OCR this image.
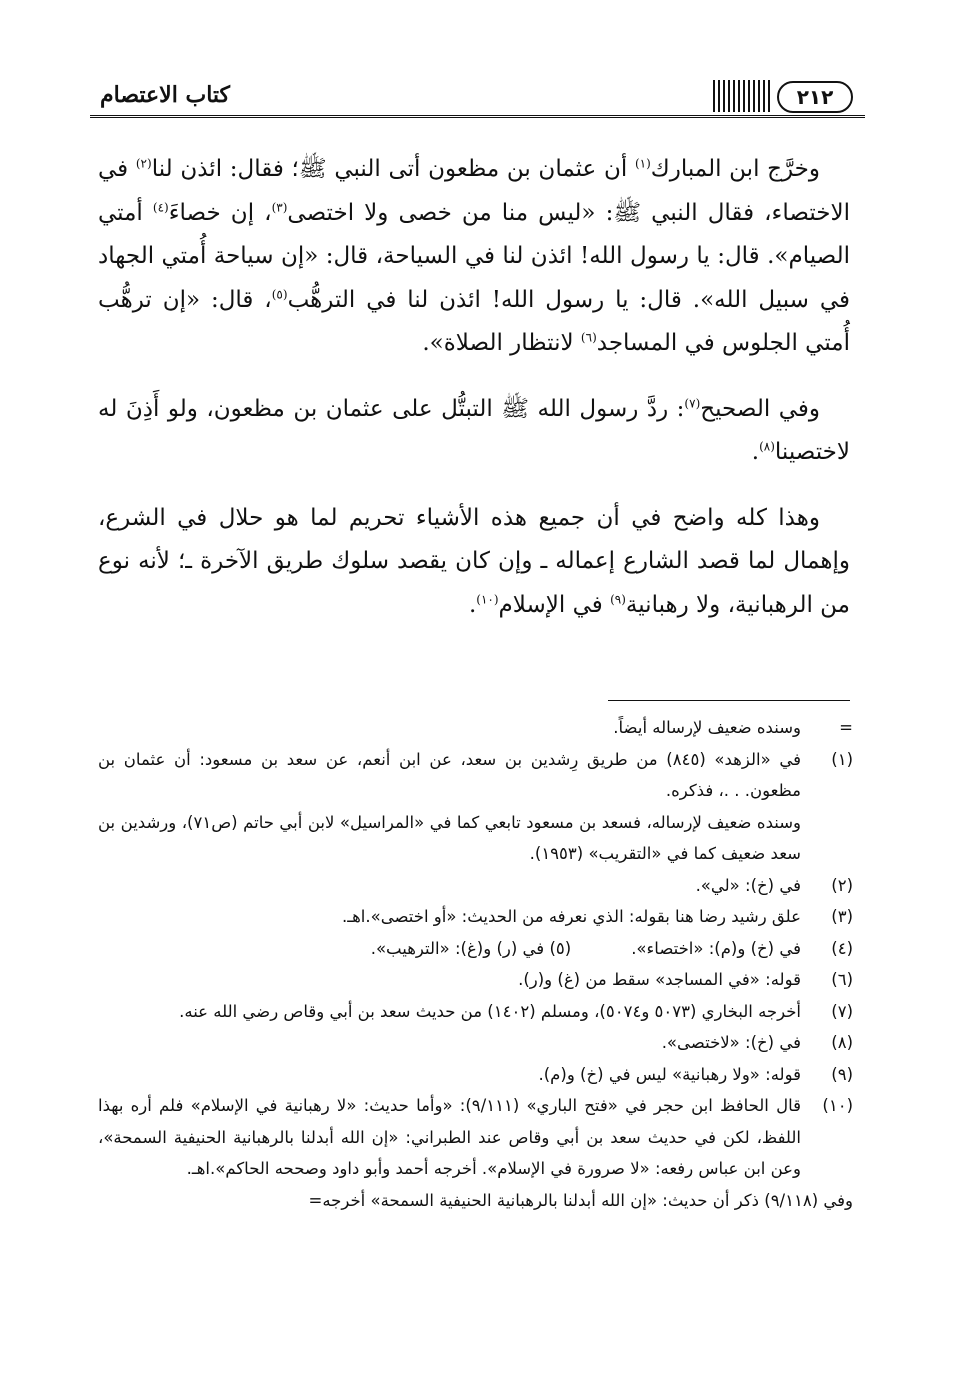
٢١٢
كتاب الاعتصام

وخرَّج ابن المبارك$^{(١)}$ أن عثمان بن مظعون أتى النبي ﷺ؛ فقال: ائذن لنا$^{(٢)}$ في الاختصاء، فقال النبي ﷺ: «ليس منا من خصى ولا اختصى$^{(٣)}$، إن خصاءَ$^{(٤)}$ أمتي الصيام». قال: يا رسول الله! ائذن لنا في السياحة، قال: «إن سياحة أُمتي الجهاد في سبيل الله». قال: يا رسول الله! ائذن لنا في الترهُّب$^{(٥)}$، قال: «إن ترهُّب أُمتي الجلوس في المساجد$^{(٦)}$ لانتظار الصلاة».

وفي الصحيح$^{(٧)}$: ردَّ رسول الله ﷺ التبتُّل على عثمان بن مظعون، ولو أَذِنَ له لاختصينا$^{(٨)}$.

وهذا كله واضح في أن جميع هذه الأشياء تحريم لما هو حلال في الشرع، وإهمال لما قصد الشارع إعماله ـ وإن كان يقصد سلوك طريق الآخرة ـ؛ لأنه نوع من الرهبانية، ولا رهبانية$^{(٩)}$ في الإسلام$^{(١٠)}$.

=
وسنده ضعيف لإرساله أيضاً.
(١)
في «الزهد» (٨٤٥) من طريق رِشدين بن سعد، عن ابن أنعم، عن سعد بن مسعود: أن عثمان بن مظعون. . .، فذكره.
وسنده ضعيف لإرساله، فسعد بن مسعود تابعي كما في «المراسيل» لابن أبي حاتم (ص٧١)، ورشدين بن سعد ضعيف كما في «التقريب» (١٩٥٣).
(٢)
في (خ): «لي».
(٣)
علق رشيد رضا هنا بقوله: الذي نعرفه من الحديث: «أو اختصى».اهـ.
(٤)
في (خ) و(م): «اختصاء».(٥) في (ر) و(غ): «الترهيب».
(٦)
قوله: «في المساجد» سقط من (غ) و(ر).
(٧)
أخرجه البخاري (٥٠٧٣ و٥٠٧٤)، ومسلم (١٤٠٢) من حديث سعد بن أبي وقاص رضي الله عنه.
(٨)
في (خ): «لاختصى».
(٩)
قوله: «ولا رهبانية» ليس في (خ) و(م).
(١٠)
قال الحافظ ابن حجر في «فتح الباري» (٩/١١١): «وأما حديث: «لا رهبانية في الإسلام» فلم أره بهذا اللفظ، لكن في حديث سعد بن أبي وقاص عند الطبراني: «إن الله أبدلنا بالرهبانية الحنيفية السمحة»، وعن ابن عباس رفعه: «لا صرورة في الإسلام». أخرجه أحمد وأبو داود وصححه الحاكم».اهـ.
وفي (٩/١١٨) ذكر أن حديث: «إن الله أبدلنا بالرهبانية الحنيفية السمحة» أخرجه=
